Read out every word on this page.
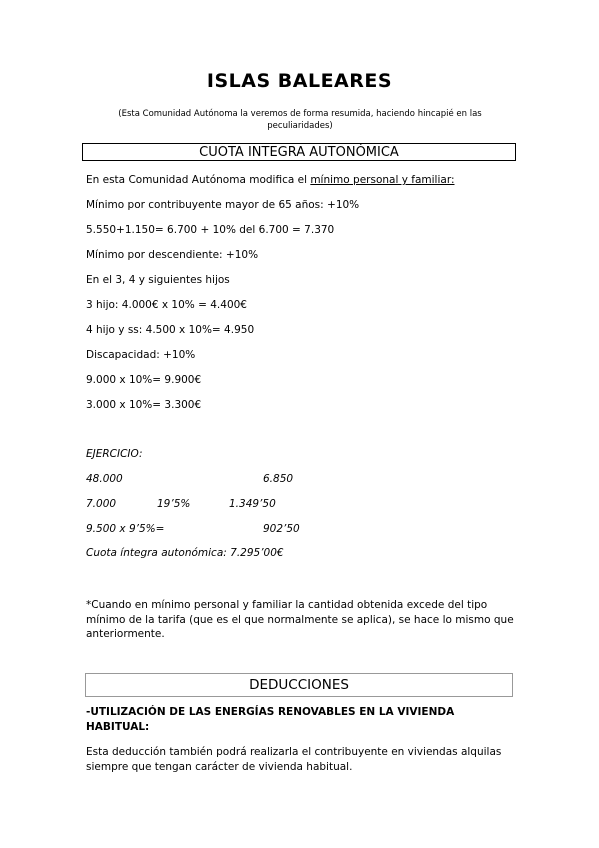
ISLAS BALEARES
(Esta Comunidad Autónoma la veremos de forma resumida, haciendo hincapié en las peculiaridades)
CUOTA INTEGRA AUTONÓMICA
En esta Comunidad Autónoma modifica el mínimo personal y familiar:
Mínimo por contribuyente mayor de 65 años: +10%
5.550+1.150= 6.700 + 10% del 6.700 = 7.370
Mínimo por descendiente: +10%
En el 3, 4 y siguientes hijos
3 hijo: 4.000€ x 10% = 4.400€
4 hijo y ss: 4.500 x 10%= 4.950
Discapacidad: +10%
9.000 x 10%= 9.900€
3.000 x 10%= 3.300€
EJERCICIO:
48.000	6.850
7.000	19’5%	1.349’50
9.500 x 9’5%=	902’50
Cuota íntegra autonómica: 7.295’00€
*Cuando en mínimo personal y familiar la cantidad obtenida excede del tipo mínimo de la tarifa (que es el que normalmente se aplica), se hace lo mismo que anteriormente.
DEDUCCIONES
-UTILIZACIÓN DE LAS ENERGÍAS RENOVABLES EN LA VIVIENDA HABITUAL:
Esta deducción también podrá realizarla el contribuyente en viviendas alquilas siempre que tengan carácter de vivienda habitual.
